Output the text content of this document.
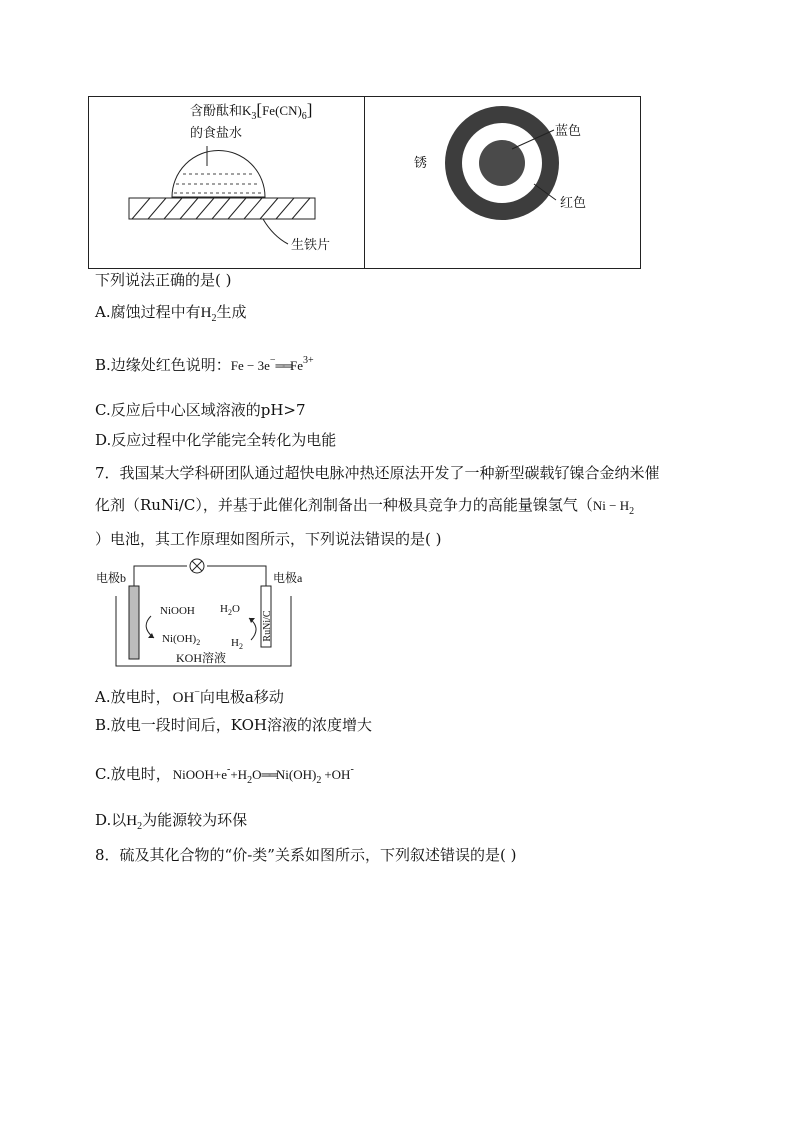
含酚酞和$K_3[Fe(CN)_6]$
的食盐水
生铁片
锈
蓝色
红色
下列说法正确的是( )
A.腐蚀过程中有$H_2$生成
B.边缘处红色说明：$Fe - 3e^-══Fe^{3+}$
C.反应后中心区域溶液的pH>7
D.反应过程中化学能完全转化为电能
7．我国某大学科研团队通过超快电脉冲热还原法开发了一种新型碳载钌镍合金纳米催
化剂（RuNi/C），并基于此催化剂制备出一种极具竞争力的高能量镍氢气（$Ni - H_2$
）电池，其工作原理如图所示，下列说法错误的是( )
电极b	电极a
NiOOH
$Ni(OH)_2$
$H_2O$
$H_2$
RuNi/C
KOH溶液
A.放电时， OH−向电极a移动
B.放电一段时间后，KOH溶液的浓度增大
C.放电时， $NiOOH+e^-+H_2O══Ni(OH)_2 +OH^-$
D.以$H_2$为能源较为环保
8．硫及其化合物的“价-类”关系如图所示，下列叙述错误的是( )
